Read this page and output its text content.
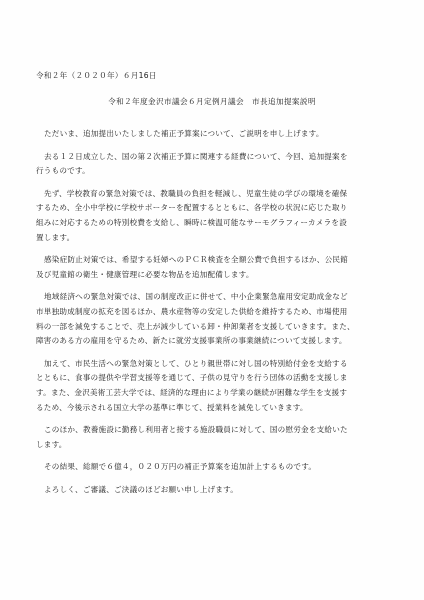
令和２年（２０２０年）６月16日
令和２年度金沢市議会６月定例月議会　市長追加提案説明

ただいま、追加提出いたしました補正予算案について、ご説明を申し上げます。

去る１２日成立した、国の第２次補正予算に関連する経費について、今回、追加提案を
行うものです。

先ず、学校教育の緊急対策では、教職員の負担を軽減し、児童生徒の学びの環境を確保
するため、全小中学校に学校サポーターを配置するとともに、各学校の状況に応じた取り
組みに対応するための特別校費を支給し、瞬時に検温可能なサーモグラフィーカメラを設
置します。

感染症防止対策では、希望する妊婦へのＰＣＲ検査を全額公費で負担するほか、公民館
及び児童館の衛生・健康管理に必要な物品を追加配備します。

地域経済への緊急対策では、国の制度改正に併せて、中小企業緊急雇用安定助成金など
市単独助成制度の拡充を図るほか、農水産物等の安定した供給を維持するため、市場使用
料の一部を減免することで、売上が減少している卸・仲卸業者を支援していきます。また、
障害のある方の雇用を守るため、新たに就労支援事業所の事業継続について支援します。

加えて、市民生活への緊急対策として、ひとり親世帯に対し国の特別給付金を支給する
とともに、食事の提供や学習支援等を通じて、子供の見守りを行う団体の活動を支援しま
す。また、金沢美術工芸大学では、経済的な理由により学業の継続が困難な学生を支援す
るため、今後示される国立大学の基準に準じて、授業料を減免していきます。

このほか、教養施設に勤務し利用者と接する施設職員に対して、国の慰労金を支給いた
します。

その結果、総額で６億４，０２０万円の補正予算案を追加計上するものです。

よろしく、ご審議、ご決議のほどお願い申し上げます。
